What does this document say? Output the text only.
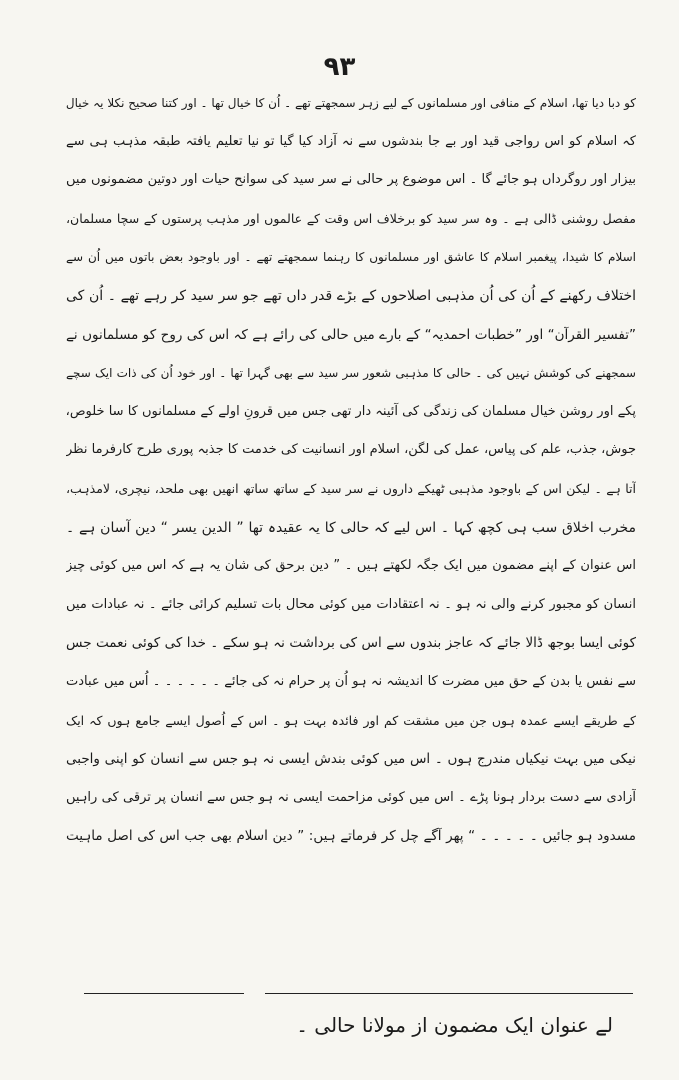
۹۳
کو دبا دیا تھا، اسلام کے منافی اور مسلمانوں کے لیے زہر سمجھتے تھے ۔ اُن کا خیال تھا ۔ اور کتنا صحیح نکلا یہ خیال
کہ اسلام کو اس رواجی قید اور بے جا بندشوں سے نہ آزاد کیا گیا تو نیا تعلیم یافتہ طبقہ مذہب ہی سے
بیزار اور روگرداں ہو جائے گا ۔ اس موضوع پر حالی نے سر سید کی سوانح حیات اور دوتین مضمونوں میں
مفصل روشنی ڈالی ہے ۔ وہ سر سید کو برخلاف اس وقت کے عالموں اور مذہب پرستوں کے سچا مسلمان،
اسلام کا شیدا، پیغمبر اسلام کا عاشق اور مسلمانوں کا رہنما سمجھتے تھے ۔ اور باوجود بعض باتوں میں اُن سے
اختلاف رکھنے کے اُن کی اُن مذہبی اصلاحوں کے بڑے قدر داں تھے جو سر سید کر رہے تھے ۔ اُن کی
”تفسیر القرآن“ اور ”خطبات احمدیہ“ کے بارے میں حالی کی رائے ہے کہ اس کی روح کو مسلمانوں نے
سمجھنے کی کوشش نہیں کی ۔ حالی کا مذہبی شعور سر سید سے بھی گہرا تھا ۔ اور خود اُن کی ذات ایک سچے
پکے اور روشن خیال مسلمان کی زندگی کی آئینہ دار تھی جس میں قرونِ اولے کے مسلمانوں کا سا خلوص،
جوش، جذب، علم کی پیاس، عمل کی لگن، اسلام اور انسانیت کی خدمت کا جذبہ پوری طرح کارفرما نظر
آتا ہے ۔ لیکن اس کے باوجود مذہبی ٹھیکے داروں نے سر سید کے ساتھ ساتھ انھیں بھی ملحد، نیچری، لامذہب،
مخرب اخلاق سب ہی کچھ کہا ۔ اس لیے کہ حالی کا یہ عقیدہ تھا ” الدین یسر “ دین آسان ہے ۔
اس عنوان کے اپنے مضمون میں ایک جگہ لکھتے ہیں ۔ ” دین برحق کی شان یہ ہے کہ اس میں کوئی چیز
انسان کو مجبور کرنے والی نہ ہو ۔ نہ اعتقادات میں کوئی محال بات تسلیم کرائی جائے ۔ نہ عبادات میں
کوئی ایسا بوجھ ڈالا جائے کہ عاجز بندوں سے اس کی برداشت نہ ہو سکے ۔ خدا کی کوئی نعمت جس
سے نفس یا بدن کے حق میں مضرت کا اندیشہ نہ ہو اُن پر حرام نہ کی جائے ۔ ۔ ۔ ۔ ۔ ۔ اُس میں عبادت
کے طریقے ایسے عمدہ ہوں جن میں مشقت کم اور فائدہ بہت ہو ۔ اس کے اُصول ایسے جامع ہوں کہ ایک
نیکی میں بہت نیکیاں مندرج ہوں ۔ اس میں کوئی بندش ایسی نہ ہو جس سے انسان کو اپنی واجبی
آزادی سے دست بردار ہونا پڑے ۔ اس میں کوئی مزاحمت ایسی نہ ہو جس سے انسان پر ترقی کی راہیں
مسدود ہو جائیں ۔ ۔ ۔ ۔ ۔ “ پھر آگے چل کر فرماتے ہیں: ” دین اسلام بھی جب اس کی اصل ماہیت
لے عنوان ایک مضمون از مولانا حالی ۔
